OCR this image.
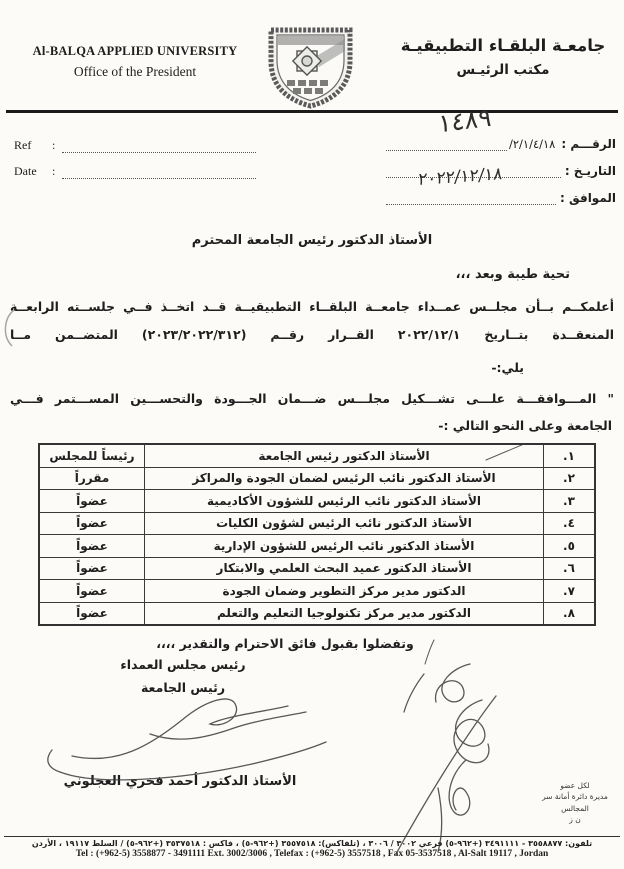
Al-BALQA APPLIED UNIVERSITY
Office of the President
جامعـة البلقـاء التطبيقيـة
مكتب الرئيـس
Ref	:
Date	:
الرقـــم :
/٢/١/٤/١٨
التاريـخ :
الموافق :
١٤٨٩
٢٠٢٢/١٢/١٨
الأستاذ الدكتور رئيس الجامعة المحترم
تحية طيبة وبعد ،،،
أعلمكــم بــأن مجلــس عمــداء جامعــة البلقــاء التطبيقيــة قــد اتخــذ فــي جلســته الرابعــة
المنعقــدة بتــاريخ ٢٠٢٢/١٢/١ القــرار رقــم (٢٠٢٣/٢٠٢٢/٣١٢) المتضــمن مــا
يلي:-
" المـــوافقـــة علـــى تشـــكيل مجلـــس ضـــمان الجـــودة والتحســـين المســـتمر فـــي
الجامعة وعلى النحو التالي :-
١.	الأستاذ الدكتور رئيس الجامعة	رئيساً للمجلس
٢.	الأستاذ الدكتور نائب الرئيس لضمان الجودة والمراكز	مقرراً
٣.	الأستاذ الدكتور نائب الرئيس للشؤون الأكاديمية	عضواً
٤.	الأستاذ الدكتور نائب الرئيس لشؤون الكليات	عضواً
٥.	الأستاذ الدكتور نائب الرئيس للشؤون الإدارية	عضواً
٦.	الأستاذ الدكتور عميد البحث العلمي والابتكار	عضواً
٧.	الدكتور مدير مركز التطوير وضمان الجودة	عضواً
٨.	الدكتور مدير مركز تكنولوجيا التعليم والتعلم	عضواً
وتفضلوا بقبول فائق الاحترام والتقدير ،،،،
رئيس مجلس العمداء
رئيس الجامعة
الأستاذ الدكتور أحمد فخري العجلوني	لكل عضو
مديرة دائرة أمانة سر المجالس
ن ز
تلفون: ٣٥٥٨٨٧٧ - ٣٤٩١١١١ (+٩٦٢-٥) فرعي ٣٠٠٢ / ٣٠٠٦ ، (تلفاكس): ٣٥٥٧٥١٨ (+٩٦٢-٥) ، فاكس : ٣٥٣٧٥١٨ (+٩٦٢-٥) / السلط ١٩١١٧ ، الأردن
Tel : (+962-5) 3558877 - 3491111 Ext. 3002/3006 , Telefax : (+962-5) 3557518 , Fax 05-3537518 , Al-Salt 19117 , Jordan
